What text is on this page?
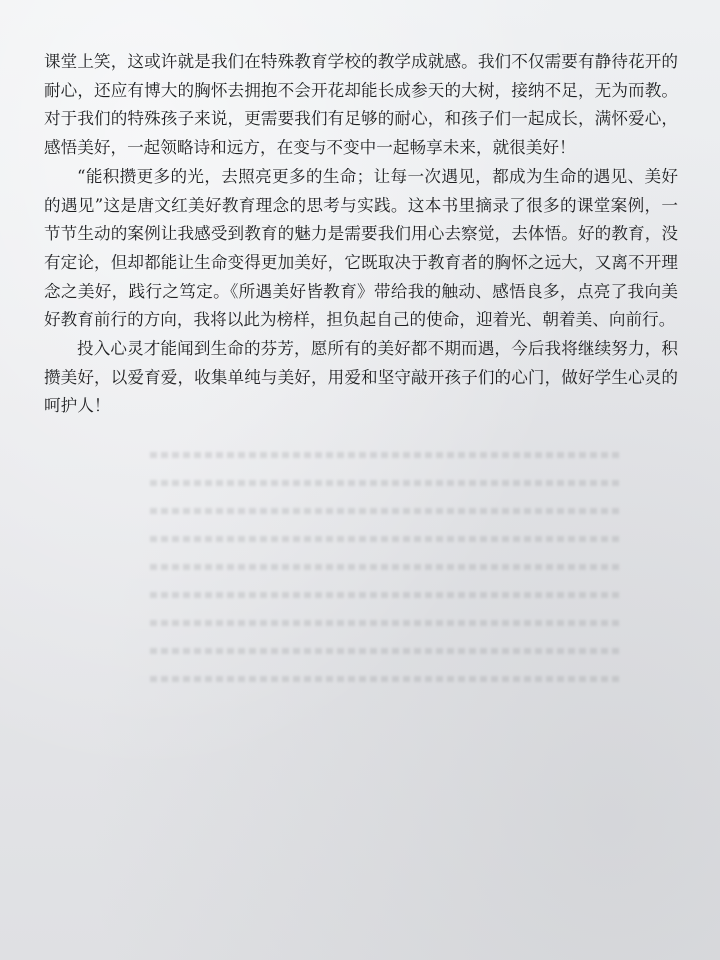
课堂上笑，这或许就是我们在特殊教育学校的教学成就感。我们不仅需要有静待花开的耐心，还应有博大的胸怀去拥抱不会开花却能长成参天的大树，接纳不足，无为而教。对于我们的特殊孩子来说，更需要我们有足够的耐心，和孩子们一起成长，满怀爱心，感悟美好，一起领略诗和远方，在变与不变中一起畅享未来，就很美好！

“能积攒更多的光，去照亮更多的生命；让每一次遇见，都成为生命的遇见、美好的遇见”这是唐文红美好教育理念的思考与实践。这本书里摘录了很多的课堂案例，一节节生动的案例让我感受到教育的魅力是需要我们用心去察觉，去体悟。好的教育，没有定论，但却都能让生命变得更加美好，它既取决于教育者的胸怀之远大，又离不开理念之美好，践行之笃定。《所遇美好皆教育》带给我的触动、感悟良多，点亮了我向美好教育前行的方向，我将以此为榜样，担负起自己的使命，迎着光、朝着美、向前行。

投入心灵才能闻到生命的芬芳，愿所有的美好都不期而遇，今后我将继续努力，积攒美好，以爱育爱，收集单纯与美好，用爱和坚守敲开孩子们的心门，做好学生心灵的呵护人！
